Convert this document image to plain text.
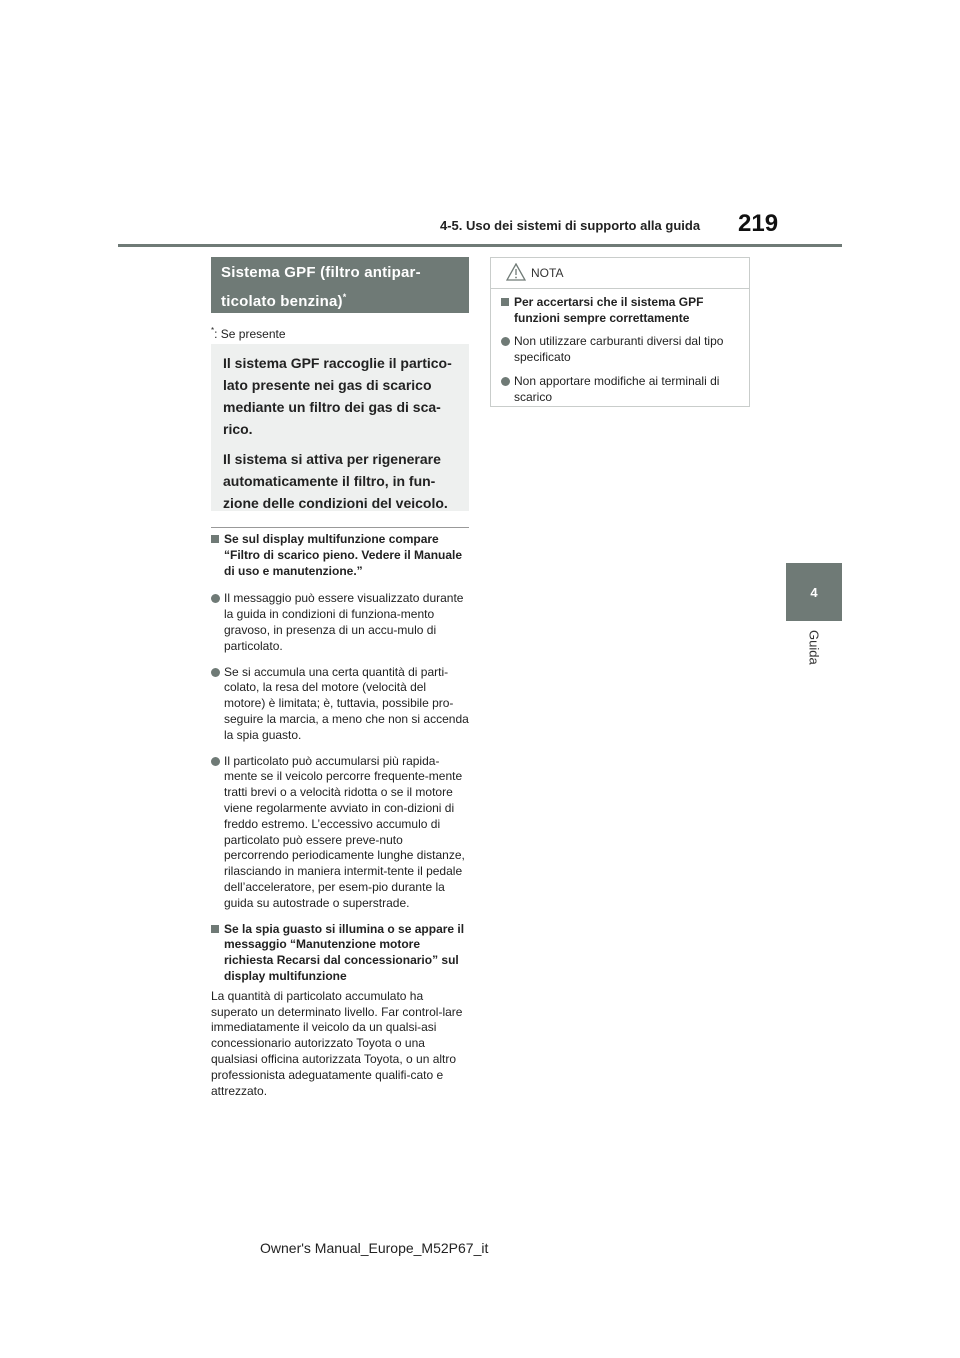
4-5. Uso dei sistemi di supporto alla guida 219
4
Guida
Sistema GPF (filtro antipar-
ticolato benzina)*
*: Se presente

Il sistema GPF raccoglie il partico-lato presente nei gas di scarico mediante un filtro dei gas di sca-rico.

Il sistema si attiva per rigenerare automaticamente il filtro, in fun-zione delle condizioni del veicolo.

Se sul display multifunzione compare “Filtro di scarico pieno. Vedere il Manuale di uso e manutenzione.”
Il messaggio può essere visualizzato durante la guida in condizioni di funziona-mento gravoso, in presenza di un accu-mulo di particolato.
Se si accumula una certa quantità di parti-colato, la resa del motore (velocità del motore) è limitata; è, tuttavia, possibile pro-seguire la marcia, a meno che non si accenda la spia guasto.
Il particolato può accumularsi più rapida-mente se il veicolo percorre frequente-mente tratti brevi o a velocità ridotta o se il motore viene regolarmente avviato in con-dizioni di freddo estremo. L’eccessivo accumulo di particolato può essere preve-nuto percorrendo periodicamente lunghe distanze, rilasciando in maniera intermit-tente il pedale dell’acceleratore, per esem-pio durante la guida su autostrade o superstrade.
Se la spia guasto si illumina o se appare il messaggio “Manutenzione motore richiesta Recarsi dal concessionario” sul display multifunzione
La quantità di particolato accumulato ha superato un determinato livello. Far control-lare immediatamente il veicolo da un qualsi-asi concessionario autorizzato Toyota o una qualsiasi officina autorizzata Toyota, o un altro professionista adeguatamente qualifi-cato e attrezzato.
NOTA
Per accertarsi che il sistema GPF funzioni sempre correttamente
Non utilizzare carburanti diversi dal tipo specificato
Non apportare modifiche ai terminali di scarico
Owner's Manual_Europe_M52P67_it
